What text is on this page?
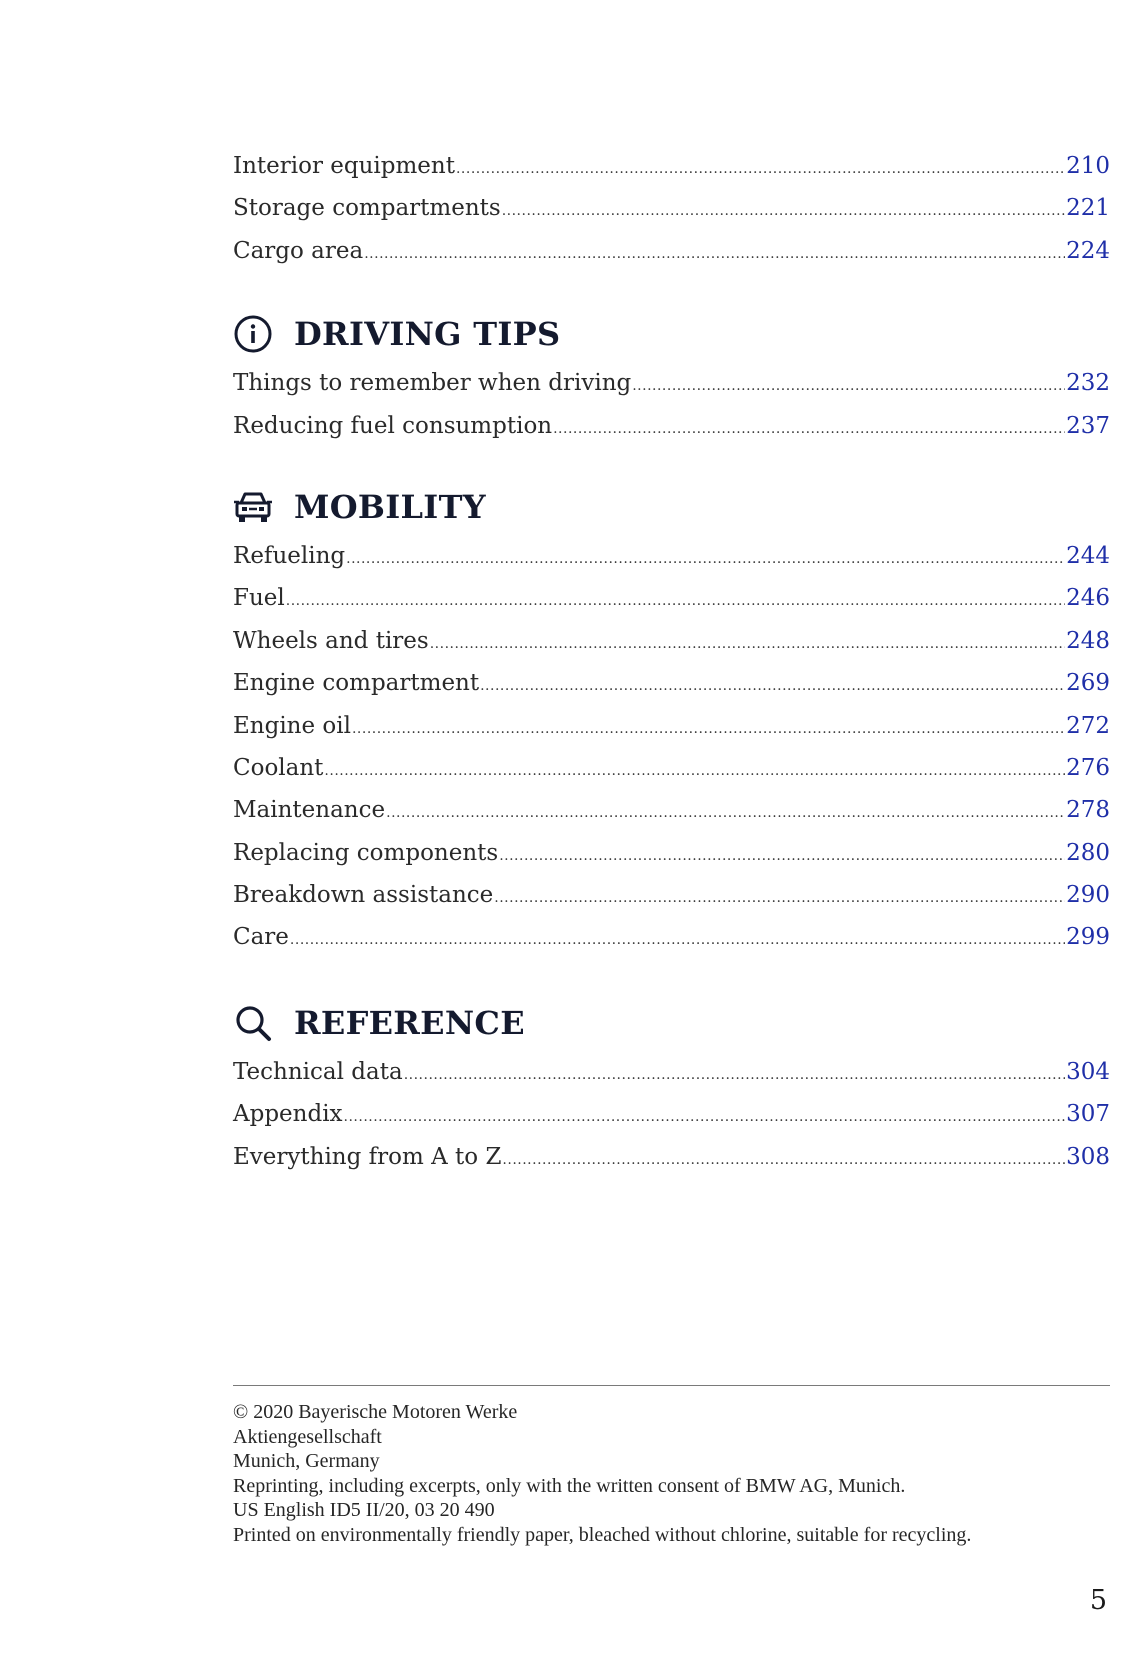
Interior equipment .....	210
Storage compartments .....	221
Cargo area .....	224
DRIVING TIPS
Things to remember when driving .....	232
Reducing fuel consumption .....	237
MOBILITY
Refueling .....	244
Fuel .....	246
Wheels and tires .....	248
Engine compartment .....	269
Engine oil .....	272
Coolant .....	276
Maintenance .....	278
Replacing components .....	280
Breakdown assistance .....	290
Care .....	299
REFERENCE
Technical data .....	304
Appendix .....	307
Everything from A to Z .....	308
© 2020 Bayerische Motoren Werke
Aktiengesellschaft
Munich, Germany
Reprinting, including excerpts, only with the written consent of BMW AG, Munich.
US English ID5 II/20, 03 20 490
Printed on environmentally friendly paper, bleached without chlorine, suitable for recycling.
5
